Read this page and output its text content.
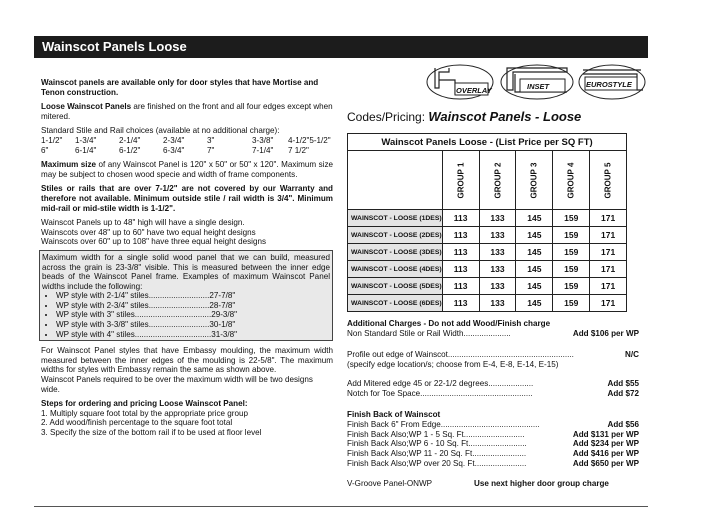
Wainscot Panels Loose

Wainscot panels are available only for door styles that have Mortise and Tenon construction.

Loose Wainscot Panels are finished on the front and all four edges except when mitered.

Standard Stile and Rail choices (available at no additional charge):
1-1/2"	1-3/4"	2-1/4"	2-3/4"	3"	3-3/8"	4-1/2" 5-1/2"
6"	6-1/4"	6-1/2"	6-3/4"	7"	7-1/4"	7 1/2"

Maximum size of any Wainscot Panel is 120" x 50" or 50" x 120". Maximum size may be subject to chosen wood specie and width of frame components.

Stiles or rails that are over 7-1/2" are not covered by our Warranty and therefore not available. Minimum outside stile / rail width is 3/4". Minimum mid-rail or mid-stile width is 1-1/2".

Wainscot Panels up to 48" high will have a single design.
Wainscots over 48" up to 60" have two equal height designs
Wainscots over 60" up to 108" have three equal height designs
Maximum width for a single solid wood panel that we can build, measured across the grain is 23-3/8" visible. This is measured between the inner edge beads of the Wainscot Panel frame. Examples of maximum Wainscot Panel widths include the following:
• WP style with 2-1/4" stiles ........................... 27-7/8"
• WP style with 2-3/4" stiles ........................... 28-7/8"
• WP style with 3" stiles .................................. 29-3/8"
• WP style with 3-3/8" stiles ........................... 30-1/8"
• WP style with 4" stiles .................................. 31-3/8"

For Wainscot Panel styles that have Embassy moulding, the maximum width measured between the inner edges of the moulding is 22-5/8". The maximum widths for styles with Embassy remain the same as shown above.

Wainscot Panels required to be over the maximum width will be two designs wide.

Steps for ordering and pricing Loose Wainscot Panel:
1. Multiply square foot total by the appropriate price group
2. Add wood/finish percentage to the square foot total
3. Specify the size of the bottom rail if to be used at floor level
OVERLAY	INSET	EUROSTYLE
Codes/Pricing: Wainscot Panels - Loose
Wainscot Panels Loose - (List Price per SQ FT)					
	GROUP 1	GROUP 2	GROUP 3	GROUP 4	GROUP 5
WAINSCOT - LOOSE (1DES)	113	133	145	159	171
WAINSCOT - LOOSE (2DES)	113	133	145	159	171
WAINSCOT - LOOSE (3DES)	113	133	145	159	171
WAINSCOT - LOOSE (4DES)	113	133	145	159	171
WAINSCOT - LOOSE (5DES)	113	133	145	159	171
WAINSCOT - LOOSE (6DES)	113	133	145	159	171
Additional Charges - Do not add Wood/Finish charge
Non Standard Stile or Rail Width.....................	Add $106 per WP
Profile out edge of Wainscot........................................................	N/C
(specify edge location/s; choose from E-4, E-8, E-14, E-15)
Add Mitered edge 45 or 22-1/2 degrees....................	Add $55
Notch for Toe Space..................................................	Add $72
Finish Back of Wainscot
Finish Back 6" From Edge............................................	Add $56
Finish Back Also;WP 1 - 5 Sq. Ft...........................	Add $131 per WP
Finish Back Also;WP 6 - 10 Sq. Ft..........................	Add $234 per WP
Finish Back Also;WP 11 - 20 Sq. Ft........................	Add $416 per WP
Finish Back Also;WP over 20 Sq. Ft.......................	Add $650 per WP
V-Groove Panel-ONWP	Use next higher door group charge
